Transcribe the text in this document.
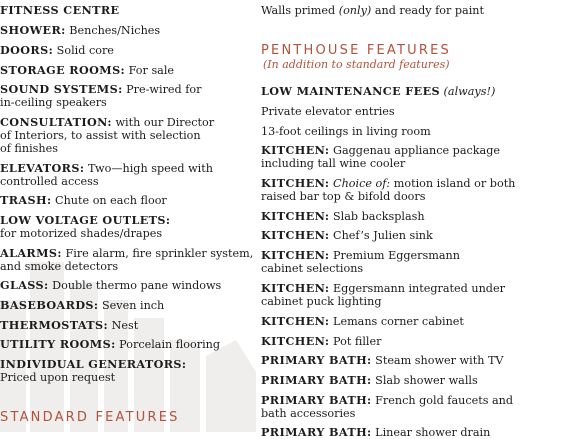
FITNESS CENTRE
SHOWER: Benches/Niches
DOORS: Solid core
STORAGE ROOMS: For sale
SOUND SYSTEMS: Pre-wired for
in-ceiling speakers
CONSULTATION: with our Director
of Interiors, to assist with selection
of finishes
ELEVATORS: Two—high speed with
controlled access
TRASH: Chute on each floor
LOW VOLTAGE OUTLETS:
for motorized shades/drapes
ALARMS: Fire alarm, fire sprinkler system,
and smoke detectors
GLASS: Double thermo pane windows
BASEBOARDS: Seven inch
THERMOSTATS: Nest
UTILITY ROOMS: Porcelain flooring
INDIVIDUAL GENERATORS:
Priced upon request
STANDARD FEATURES
Walls primed (only) and ready for paint
PENTHOUSE FEATURES
(In addition to standard features)
LOW MAINTENANCE FEES (always!)
Private elevator entries
13-foot ceilings in living room
KITCHEN: Gaggenau appliance package
including tall wine cooler
KITCHEN: Choice of: motion island or both
raised bar top & bifold doors
KITCHEN: Slab backsplash
KITCHEN: Chef’s Julien sink
KITCHEN: Premium Eggersmann
cabinet selections
KITCHEN: Eggersmann integrated under
cabinet puck lighting
KITCHEN: Lemans corner cabinet
KITCHEN: Pot filler
PRIMARY BATH: Steam shower with TV
PRIMARY BATH: Slab shower walls
PRIMARY BATH: French gold faucets and
bath accessories
PRIMARY BATH: Linear shower drain
